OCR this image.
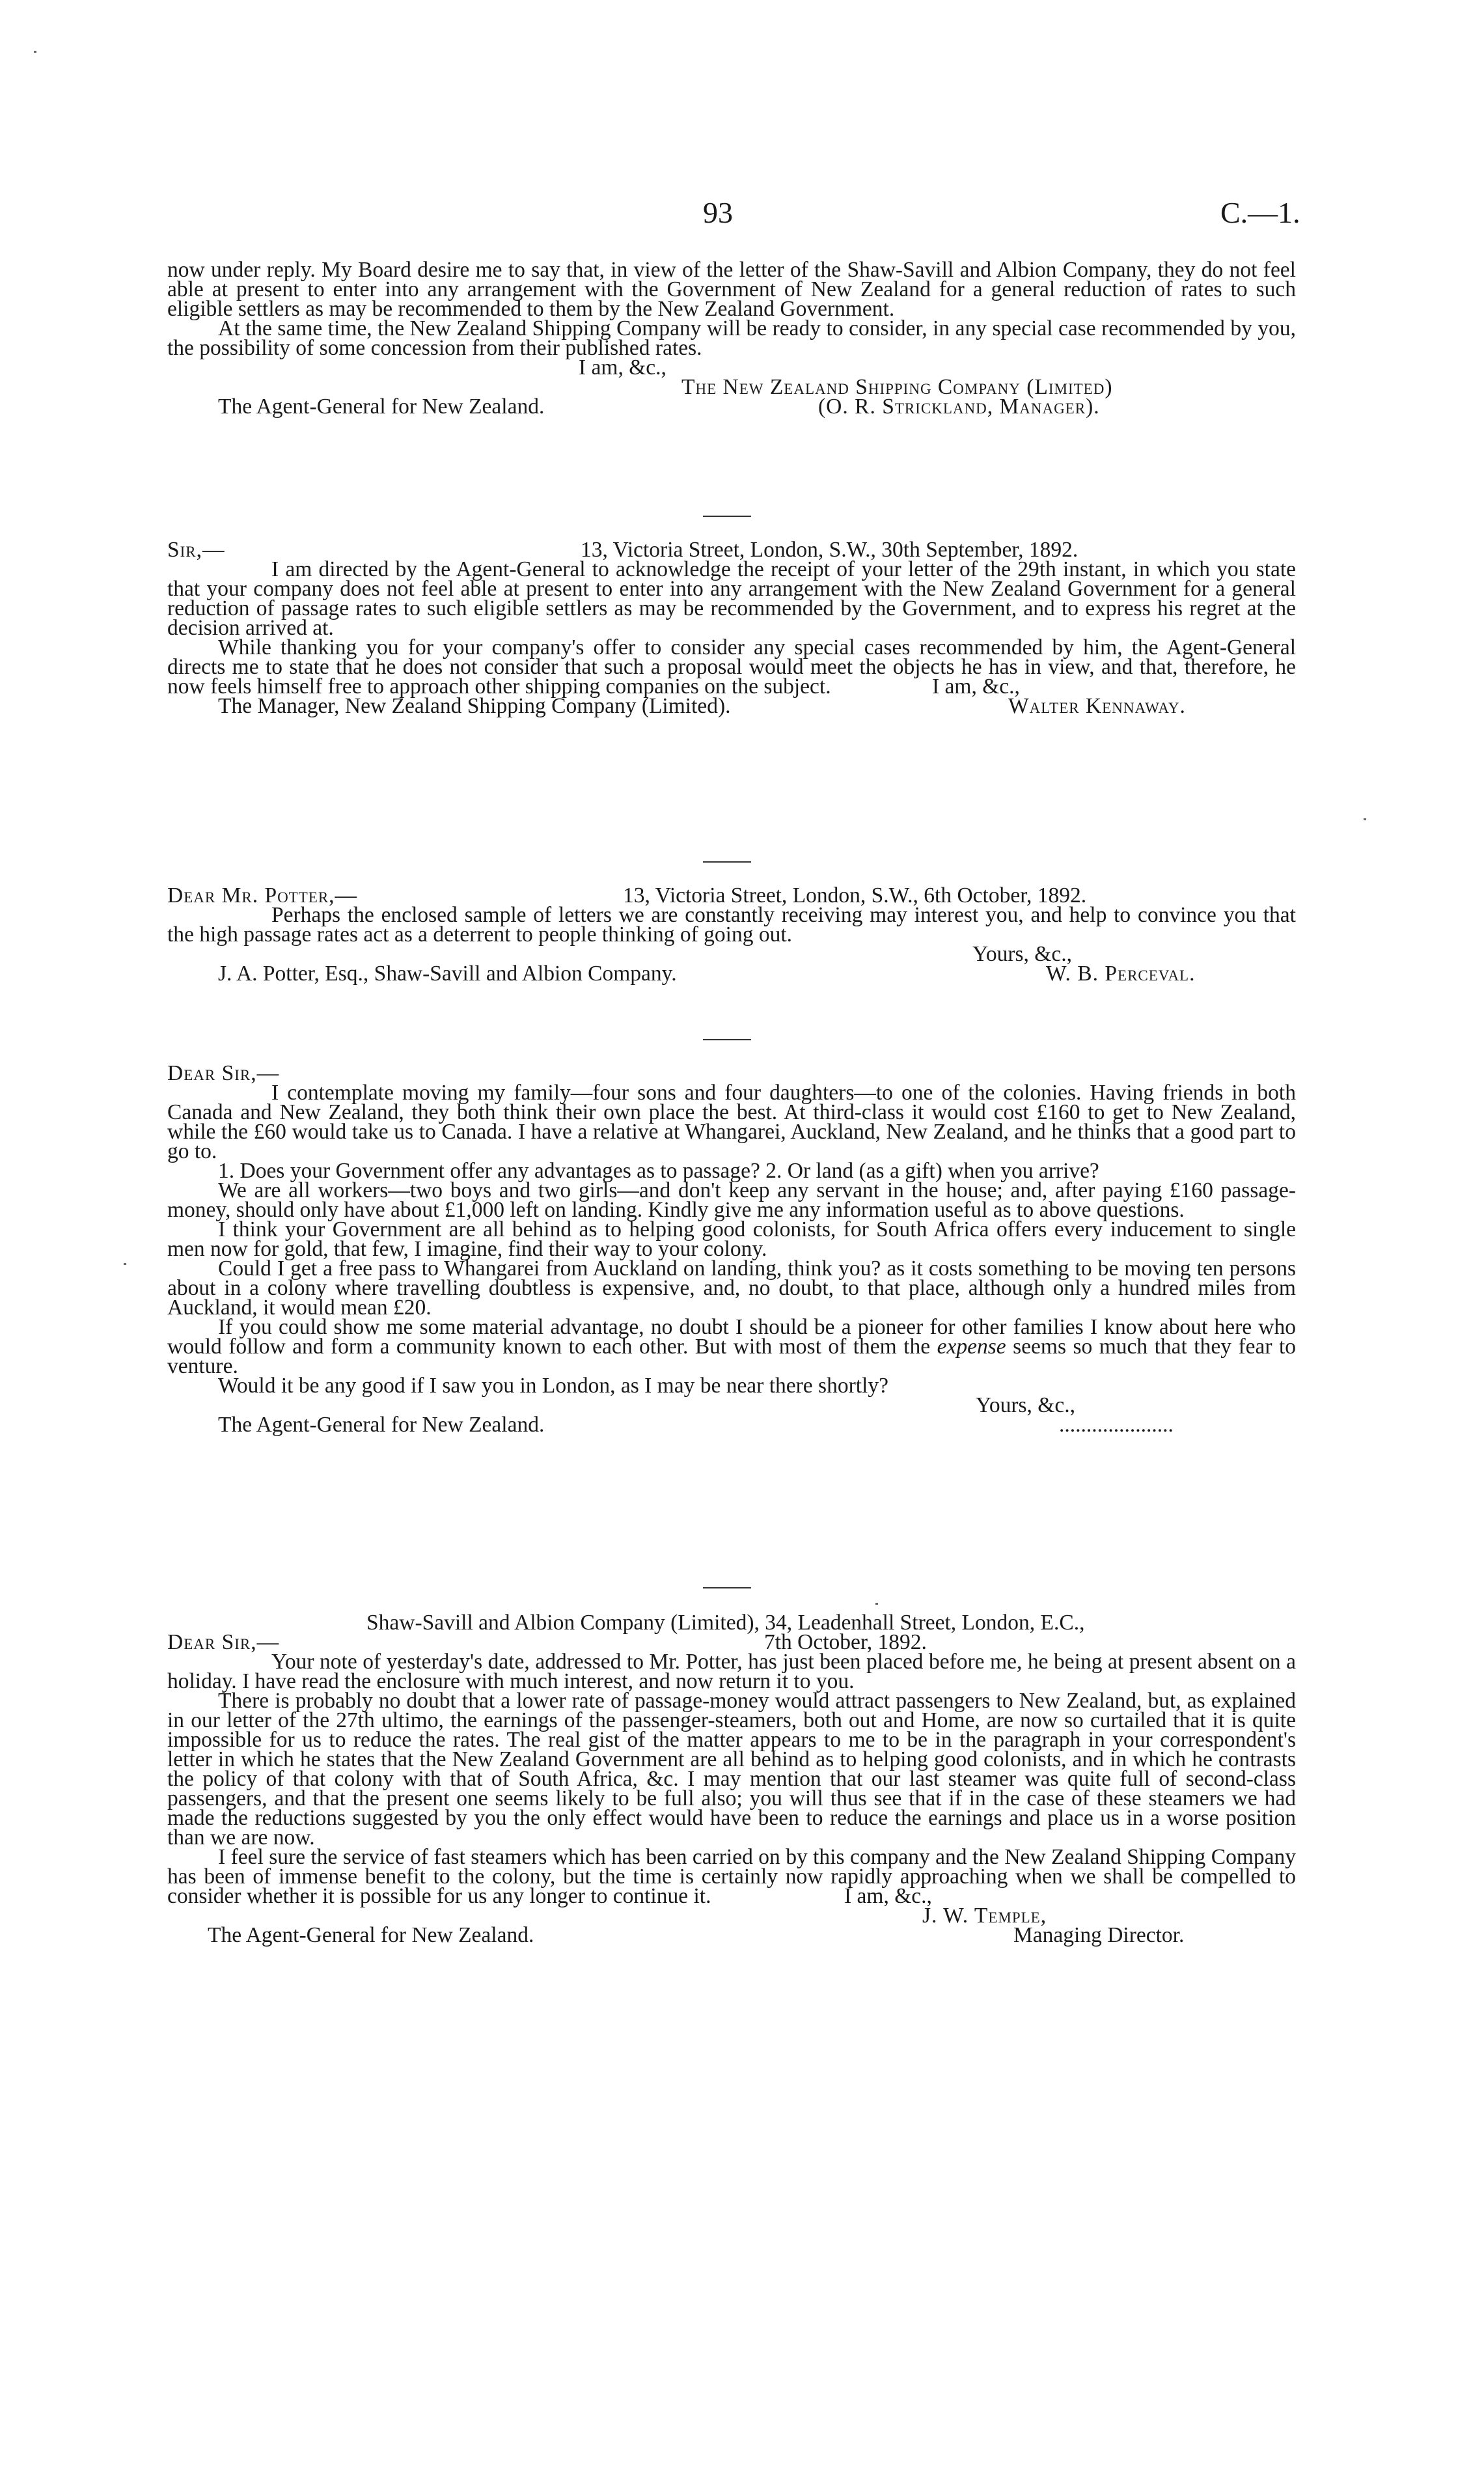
93	C.—1.

now under reply. My Board desire me to say that, in view of the letter of the Shaw-Savill and Albion Company, they do not feel able at present to enter into any arrangement with the Government of New Zealand for a general reduction of rates to such eligible settlers as may be recommended to them by the New Zealand Government.

At the same time, the New Zealand Shipping Company will be ready to consider, in any special case recommended by you, the possibility of some concession from their published rates.

I am, &c.,
The New Zealand Shipping Company (Limited)
The Agent-General for New Zealand.	(O. R. Strickland, Manager).
Sir,—	13, Victoria Street, London, S.W., 30th September, 1892.

I am directed by the Agent-General to acknowledge the receipt of your letter of the 29th instant, in which you state that your company does not feel able at present to enter into any arrangement with the New Zealand Government for a general reduction of passage rates to such eligible settlers as may be recommended by the Government, and to express his regret at the decision arrived at.

While thanking you for your company's offer to consider any special cases recommended by him, the Agent-General directs me to state that he does not consider that such a proposal would meet the objects he has in view, and that, therefore, he now feels himself free to approach other shipping companies on the subject.	I am, &c.,
The Manager, New Zealand Shipping Company (Limited).	Walter Kennaway.
Dear Mr. Potter,—	13, Victoria Street, London, S.W., 6th October, 1892.

Perhaps the enclosed sample of letters we are constantly receiving may interest you, and help to convince you that the high passage rates act as a deterrent to people thinking of going out.

Yours, &c.,
J. A. Potter, Esq., Shaw-Savill and Albion Company.	W. B. Perceval.
Dear Sir,—

I contemplate moving my family—four sons and four daughters—to one of the colonies. Having friends in both Canada and New Zealand, they both think their own place the best. At third-class it would cost £160 to get to New Zealand, while the £60 would take us to Canada. I have a relative at Whangarei, Auckland, New Zealand, and he thinks that a good part to go to.

1. Does your Government offer any advantages as to passage? 2. Or land (as a gift) when you arrive?

We are all workers—two boys and two girls—and don't keep any servant in the house; and, after paying £160 passage-money, should only have about £1,000 left on landing. Kindly give me any information useful as to above questions.

I think your Government are all behind as to helping good colonists, for South Africa offers every inducement to single men now for gold, that few, I imagine, find their way to your colony.

Could I get a free pass to Whangarei from Auckland on landing, think you? as it costs something to be moving ten persons about in a colony where travelling doubtless is expensive, and, no doubt, to that place, although only a hundred miles from Auckland, it would mean £20.

If you could show me some material advantage, no doubt I should be a pioneer for other families I know about here who would follow and form a community known to each other. But with most of them the expense seems so much that they fear to venture.

Would it be any good if I saw you in London, as I may be near there shortly?

Yours, &c.,
The Agent-General for New Zealand.	.....................
Shaw-Savill and Albion Company (Limited), 34, Leadenhall Street, London, E.C.,
Dear Sir,—	7th October, 1892.

Your note of yesterday's date, addressed to Mr. Potter, has just been placed before me, he being at present absent on a holiday. I have read the enclosure with much interest, and now return it to you.

There is probably no doubt that a lower rate of passage-money would attract passengers to New Zealand, but, as explained in our letter of the 27th ultimo, the earnings of the passenger-steamers, both out and Home, are now so curtailed that it is quite impossible for us to reduce the rates. The real gist of the matter appears to me to be in the paragraph in your correspondent's letter in which he states that the New Zealand Government are all behind as to helping good colonists, and in which he contrasts the policy of that colony with that of South Africa, &c. I may mention that our last steamer was quite full of second-class passengers, and that the present one seems likely to be full also; you will thus see that if in the case of these steamers we had made the reductions suggested by you the only effect would have been to reduce the earnings and place us in a worse position than we are now.

I feel sure the service of fast steamers which has been carried on by this company and the New Zealand Shipping Company has been of immense benefit to the colony, but the time is certainly now rapidly approaching when we shall be compelled to consider whether it is possible for us any longer to continue it.	I am, &c.,
J. W. Temple,
The Agent-General for New Zealand.	Managing Director.
